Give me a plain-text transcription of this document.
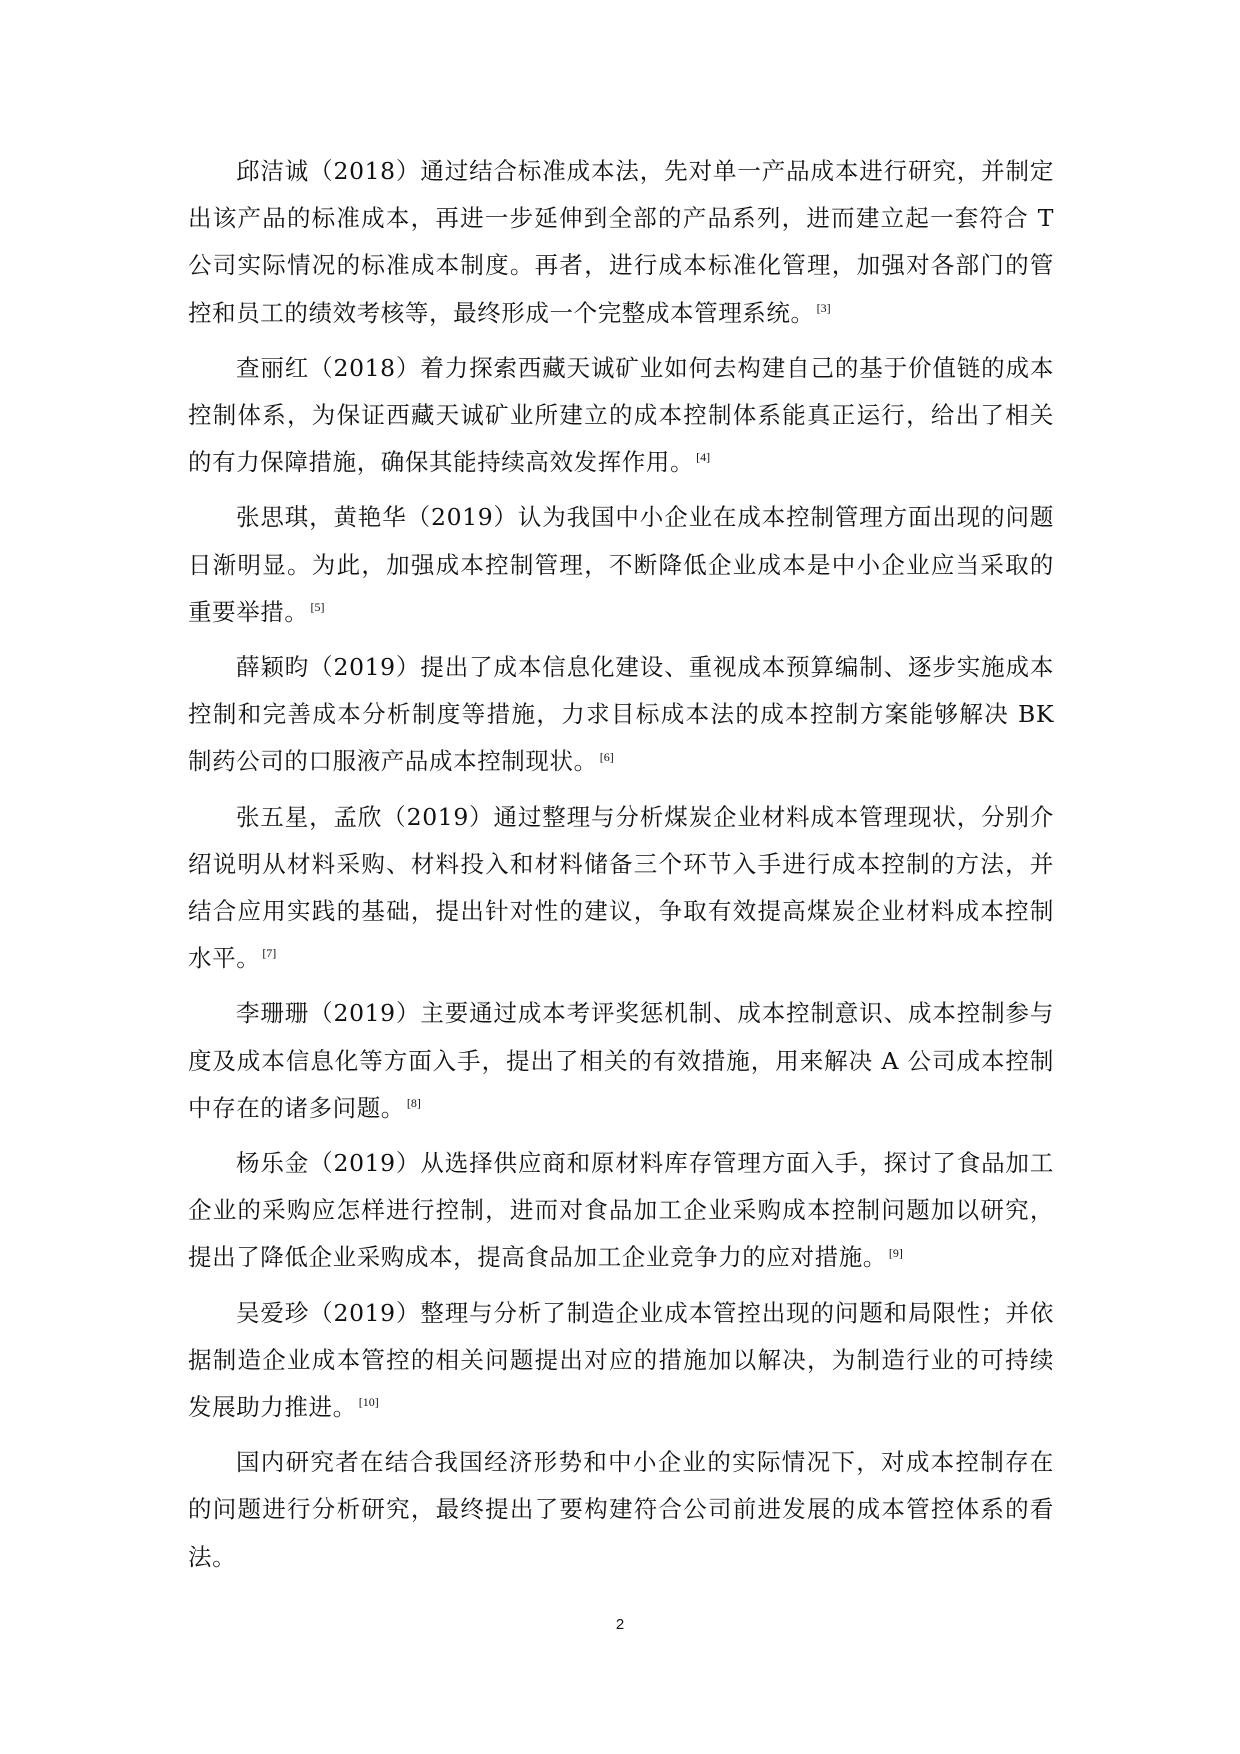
邱洁诚（2018）通过结合标准成本法，先对单一产品成本进行研究，并制定出该产品的标准成本，再进一步延伸到全部的产品系列，进而建立起一套符合 T 公司实际情况的标准成本制度。再者，进行成本标准化管理，加强对各部门的管控和员工的绩效考核等，最终形成一个完整成本管理系统。 [3]

查丽红（2018）着力探索西藏天诚矿业如何去构建自己的基于价值链的成本控制体系，为保证西藏天诚矿业所建立的成本控制体系能真正运行，给出了相关的有力保障措施，确保其能持续高效发挥作用。 [4]

张思琪，黄艳华（2019）认为我国中小企业在成本控制管理方面出现的问题日渐明显。为此，加强成本控制管理，不断降低企业成本是中小企业应当采取的重要举措。 [5]

薛颖昀（2019）提出了成本信息化建设、重视成本预算编制、逐步实施成本控制和完善成本分析制度等措施，力求目标成本法的成本控制方案能够解决 BK 制药公司的口服液产品成本控制现状。 [6]

张五星，孟欣（2019）通过整理与分析煤炭企业材料成本管理现状，分别介绍说明从材料采购、材料投入和材料储备三个环节入手进行成本控制的方法，并结合应用实践的基础，提出针对性的建议，争取有效提高煤炭企业材料成本控制水平。 [7]

李珊珊（2019）主要通过成本考评奖惩机制、成本控制意识、成本控制参与度及成本信息化等方面入手，提出了相关的有效措施，用来解决 A 公司成本控制中存在的诸多问题。 [8]

杨乐金（2019）从选择供应商和原材料库存管理方面入手，探讨了食品加工企业的采购应怎样进行控制，进而对食品加工企业采购成本控制问题加以研究，提出了降低企业采购成本，提高食品加工企业竞争力的应对措施。 [9]

吴爱珍（2019）整理与分析了制造企业成本管控出现的问题和局限性；并依据制造企业成本管控的相关问题提出对应的措施加以解决，为制造行业的可持续发展助力推进。 [10]

国内研究者在结合我国经济形势和中小企业的实际情况下，对成本控制存在的问题进行分析研究，最终提出了要构建符合公司前进发展的成本管控体系的看法。

2
